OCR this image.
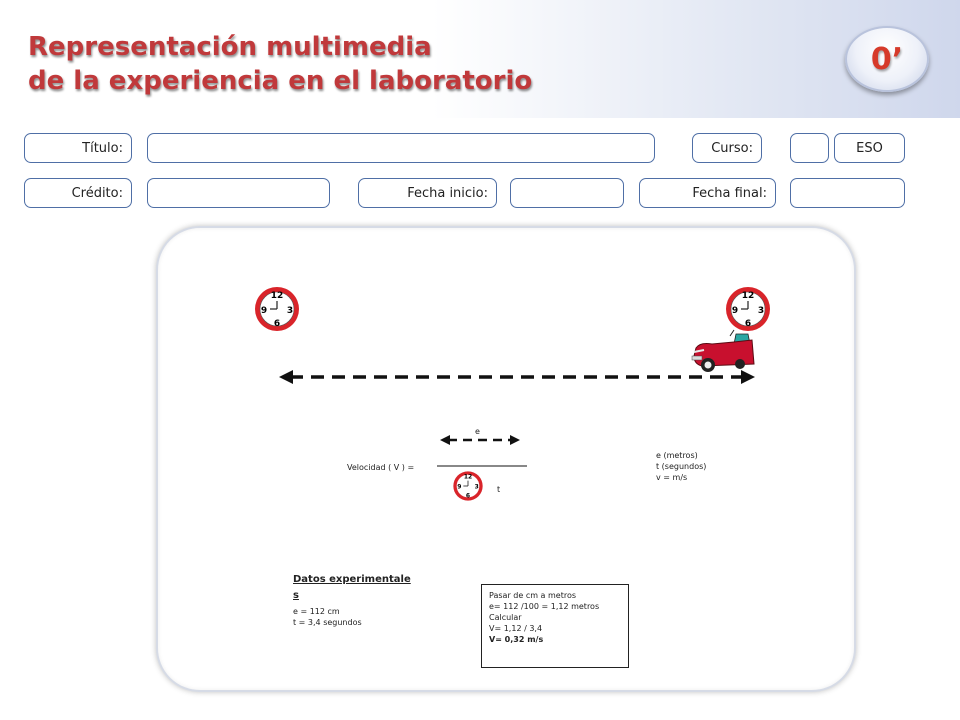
Representación multimedia
de la experiencia en el laboratorio
0’
Título:	Curso:	ESO
Crédito:	Fecha inicio:	Fecha final:
12
3
6
9
12
3
6
9
e
Velocidad ( V ) =
t
12
3
6
9
e (metros)
t (segundos)
v = m/s
Datos experimentales
e = 112 cm
t = 3,4 segundos
Pasar de cm a metros
e= 112 /100 = 1,12 metros
Calcular
V= 1,12 / 3,4
V= 0,32 m/s
